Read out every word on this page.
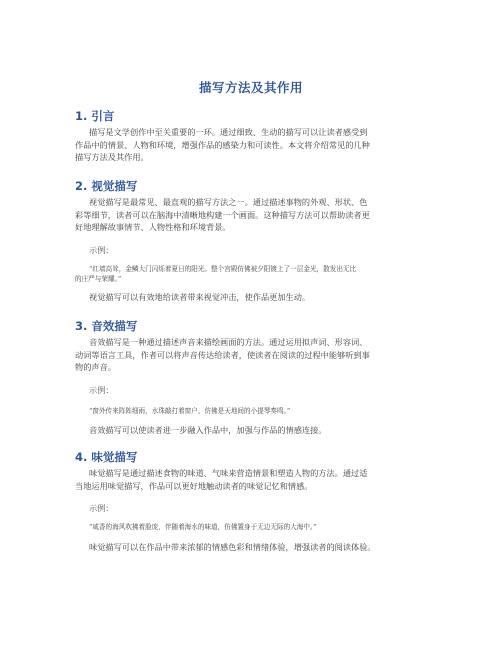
描写方法及其作用
1. 引言

描写是文学创作中至关重要的一环。通过细致、生动的描写可以让读者感受到
作品中的情景、人物和环境，增强作品的感染力和可读性。本文将介绍常见的几种
描写方法及其作用。

2. 视觉描写

视觉描写是最常见、最直观的描写方法之一。通过描述事物的外观、形状、色
彩等细节，读者可以在脑海中清晰地构建一个画面。这种描写方法可以帮助读者更
好地理解故事情节、人物性格和环境背景。

示例：

“红墙高耸，金鳞大门闪烁着夏日的阳光。整个宫殿仿佛被夕阳镀上了一层金光，散发出无比
的庄严与荣耀。”

视觉描写可以有效地给读者带来视觉冲击，使作品更加生动。
3. 音效描写

音效描写是一种通过描述声音来描绘画面的方法。通过运用拟声词、形容词、
动词等语言工具，作者可以将声音传达给读者，使读者在阅读的过程中能够听到事
物的声音。

示例：

“窗外传来阵阵细雨，水珠敲打着窗户，仿佛是天地间的小提琴奏鸣。”

音效描写可以使读者进一步融入作品中，加强与作品的情感连接。
4. 味觉描写

味觉描写是通过描述食物的味道、气味来营造情景和塑造人物的方法。通过适
当地运用味觉描写，作品可以更好地触动读者的味觉记忆和情感。

示例：

“咸香的海风吹拂着脸庞，伴随着海水的味道，仿佛置身于无边无际的大海中。”

味觉描写可以在作品中带来浓郁的情感色彩和情绪体验，增强读者的阅读体验。
